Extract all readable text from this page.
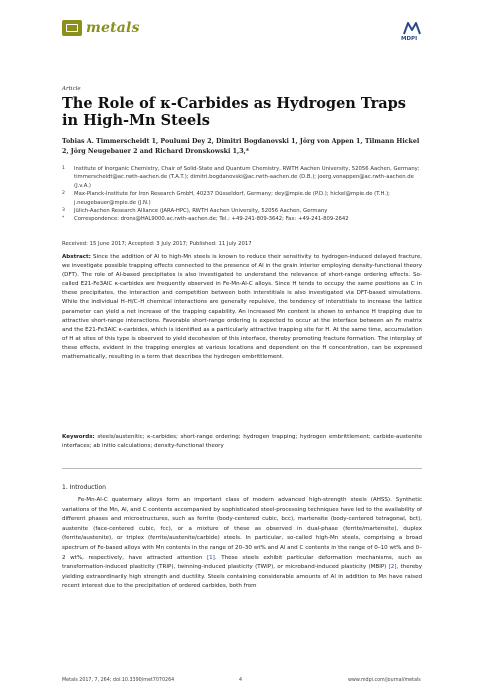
metals
MDPI
Article
The Role of κ-Carbides as Hydrogen Traps in High-Mn Steels
Tobias A. Timmerscheidt 1, Poulumi Dey 2, Dimitri Bogdanovski 1, Jörg von Appen 1, Tilmann Hickel 2, Jörg Neugebauer 2 and Richard Dronskowski 1,3,*
1	Institute of Inorganic Chemistry, Chair of Solid-State and Quantum Chemistry, RWTH Aachen University, 52056 Aachen, Germany; timmerscheidt@ac.rwth-aachen.de (T.A.T.); dimitri.bogdanovski@ac.rwth-aachen.de (D.B.); joerg.vonappen@ac.rwth-aachen.de (J.v.A.)
2	Max-Planck-Institute for Iron Research GmbH, 40237 Düsseldorf, Germany; dey@mpie.de (P.D.); hickel@mpie.de (T.H.); j.neugebauer@mpie.de (J.N.)
3	Jülich-Aachen Research Alliance (JARA-HPC), RWTH Aachen University, 52056 Aachen, Germany
*	Correspondence: drons@HAL9000.ac.rwth-aachen.de; Tel.: +49-241-809-3642; Fax: +49-241-809-2642
Received: 15 June 2017; Accepted: 3 July 2017; Published: 11 July 2017
Abstract: Since the addition of Al to high-Mn steels is known to reduce their sensitivity to hydrogen-induced delayed fracture, we investigate possible trapping effects connected to the presence of Al in the grain interior employing density-functional theory (DFT). The role of Al-based precipitates is also investigated to understand the relevance of short-range ordering effects. So-called E21-Fe3AlC κ-carbides are frequently observed in Fe-Mn-Al-C alloys. Since H tends to occupy the same positions as C in these precipitates, the interaction and competition between both interstitials is also investigated via DFT-based simulations. While the individual H–H/C–H chemical interactions are generally repulsive, the tendency of interstitials to increase the lattice parameter can yield a net increase of the trapping capability. An increased Mn content is shown to enhance H trapping due to attractive short-range interactions. Favorable short-range ordering is expected to occur at the interface between an Fe matrix and the E21-Fe3AlC κ-carbides, which is identified as a particularly attractive trapping site for H. At the same time, accumulation of H at sites of this type is observed to yield decohesion of this interface, thereby promoting fracture formation. The interplay of these effects, evident in the trapping energies at various locations and dependent on the H concentration, can be expressed mathematically, resulting in a term that describes the hydrogen embrittlement.
Keywords: steels/austenitic; κ-carbides; short-range ordering; hydrogen trapping; hydrogen embrittlement; carbide-austenite interfaces; ab initio calculations; density-functional theory
1. Introduction
Fe-Mn-Al-C quaternary alloys form an important class of modern advanced high-strength steels (AHSS). Synthetic variations of the Mn, Al, and C contents accompanied by sophisticated steel-processing techniques have led to the availability of different phases and microstructures, such as ferrite (body-centered cubic, bcc), martensite (body-centered tetragonal, bct), austenite (face-centered cubic, fcc), or a mixture of these as observed in dual-phase (ferrite/martensite), duplex (ferrite/austenite), or triplex (ferrite/austenite/carbide) steels. In particular, so-called high-Mn steels, comprising a broad spectrum of Fe-based alloys with Mn contents in the range of 20–30 wt% and Al and C contents in the range of 0–10 wt% and 0–2 wt%, respectively, have attracted attention [1]. These steels exhibit particular deformation mechanisms, such as transformation-induced plasticity (TRIP), twinning-induced plasticity (TWIP), or microband-induced plasticity (MBIP) [2], thereby yielding extraordinarily high strength and ductility. Steels containing considerable amounts of Al in addition to Mn have raised recent interest due to the precipitation of ordered carbides, both from
Metals 2017, 7, 264; doi:10.3390/met7070264	4	www.mdpi.com/journal/metals
